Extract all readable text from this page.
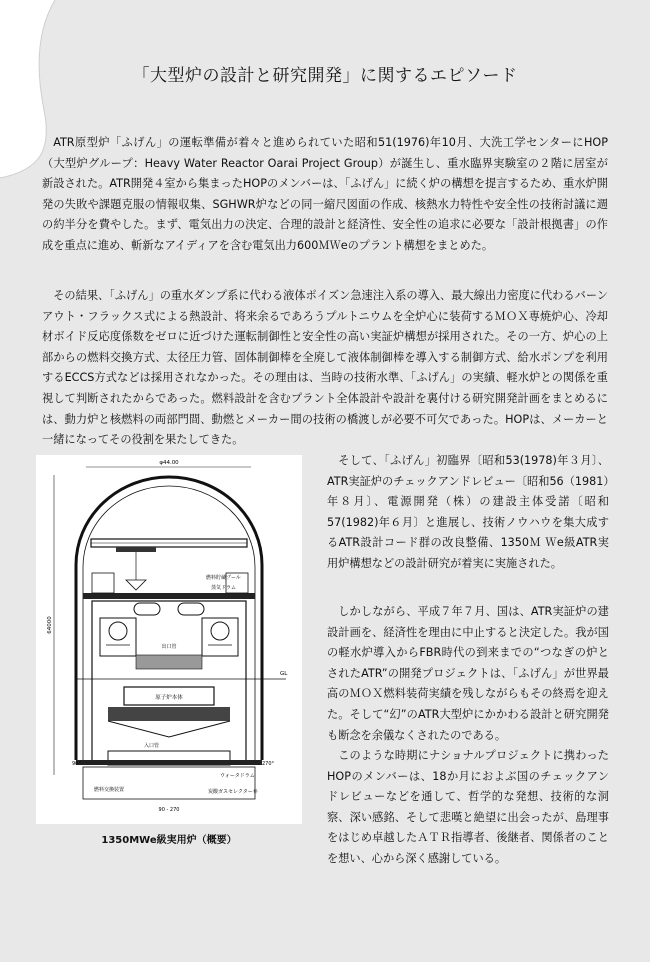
「大型炉の設計と研究開発」に関するエピソード

ATR原型炉「ふげん」の運転準備が着々と進められていた昭和51(1976)年10月、大洗工学センターにHOP（大型炉グループ：Heavy Water Reactor Oarai Project Group）が誕生し、重水臨界実験室の２階に居室が新設された。ATR開発４室から集まったHOPのメンバーは、「ふげん」に続く炉の構想を提言するため、重水炉開発の失敗や課題克服の情報収集、SGHWR炉などの同一縮尺図面の作成、核熱水力特性や安全性の技術討議に週の約半分を費やした。まず、電気出力の決定、合理的設計と経済性、安全性の追求に必要な「設計根拠書」の作成を重点に進め、斬新なアイディアを含む電気出力600ＭＷeのプラント構想をまとめた。

その結果、「ふげん」の重水ダンプ系に代わる液体ポイズン急速注入系の導入、最大線出力密度に代わるバーンアウト・フラックス式による熱設計、将来余るであろうプルトニウムを全炉心に装荷するＭＯＸ専焼炉心、冷却材ボイド反応度係数をゼロに近づけた運転制御性と安全性の高い実証炉構想が採用された。その一方、炉心の上部からの燃料交換方式、太径圧力管、固体制御棒を全廃して液体制御棒を導入する制御方式、給水ポンプを利用するECCS方式などは採用されなかった。その理由は、当時の技術水準、「ふげん」の実績、軽水炉との関係を重視して判断されたからであった。燃料設計を含むプラント全体設計や設計を裏付ける研究開発計画をまとめるには、動力炉と核燃料の両部門間、動燃とメーカー間の技術の橋渡しが必要不可欠であった。HOPは、メーカーと一緒になってその役割を果たしてきた。

φ44.00
64000
燃料貯蔵プール
蒸気ドラム
出口管
GL
原子炉本体
入口管
90°	270°
燃料交換装置
ウォータドラム
炭酸ガスセレクター弁
90 - 270
1350MWe級実用炉（概要）

そして、「ふげん」初臨界〔昭和53(1978)年３月〕、ATR実証炉のチェックアンドレビュー〔昭和56（1981）年８月〕、電源開発（株）の建設主体受諾〔昭和57(1982)年６月〕と進展し、技術ノウハウを集大成するATR設計コード群の改良整備、1350Ｍ Ｗe級ATR実用炉構想などの設計研究が着実に実施された。

しかしながら、平成７年７月、国は、ATR実証炉の建設計画を、経済性を理由に中止すると決定した。我が国の軽水炉導入からFBR時代の到来までの“つなぎの炉とされたATR”の開発プロジェクトは、「ふげん」が世界最高のＭＯＸ燃料装荷実績を残しながらもその終焉を迎えた。そして“幻”のATR大型炉にかかわる設計と研究開発も断念を余儀なくされたのである。

このような時期にナショナルプロジェクトに携わったHOPのメンバーは、18か月におよぶ国のチェックアンドレビューなどを通して、哲学的な発想、技術的な洞察、深い感銘、そして悲嘆と絶望に出会ったが、島理事をはじめ卓越したＡＴＲ指導者、後継者、関係者のことを想い、心から深く感謝している。
